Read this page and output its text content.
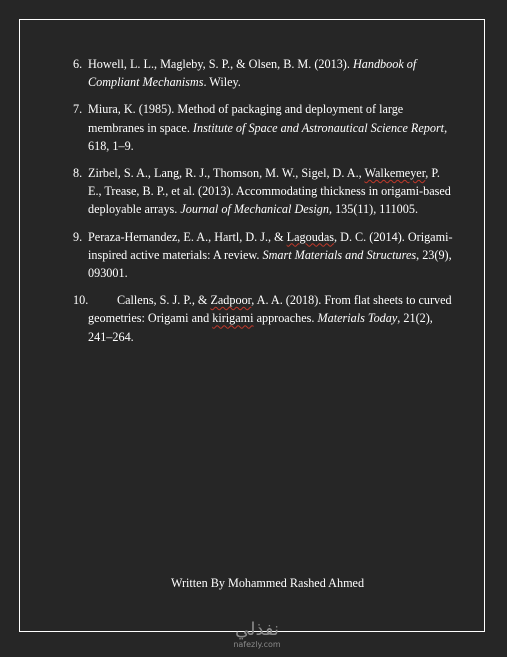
6. Howell, L. L., Magleby, S. P., & Olsen, B. M. (2013). Handbook of Compliant Mechanisms. Wiley.
7. Miura, K. (1985). Method of packaging and deployment of large membranes in space. Institute of Space and Astronautical Science Report, 618, 1–9.
8. Zirbel, S. A., Lang, R. J., Thomson, M. W., Sigel, D. A., Walkemeyer, P. E., Trease, B. P., et al. (2013). Accommodating thickness in origami-based deployable arrays. Journal of Mechanical Design, 135(11), 111005.
9. Peraza-Hernandez, E. A., Hartl, D. J., & Lagoudas, D. C. (2014). Origami-inspired active materials: A review. Smart Materials and Structures, 23(9), 093001.
10. Callens, S. J. P., & Zadpoor, A. A. (2018). From flat sheets to curved geometries: Origami and kirigami approaches. Materials Today, 21(2), 241–264.
Written By Mohammed Rashed Ahmed
نفذلي
nafezly.com
